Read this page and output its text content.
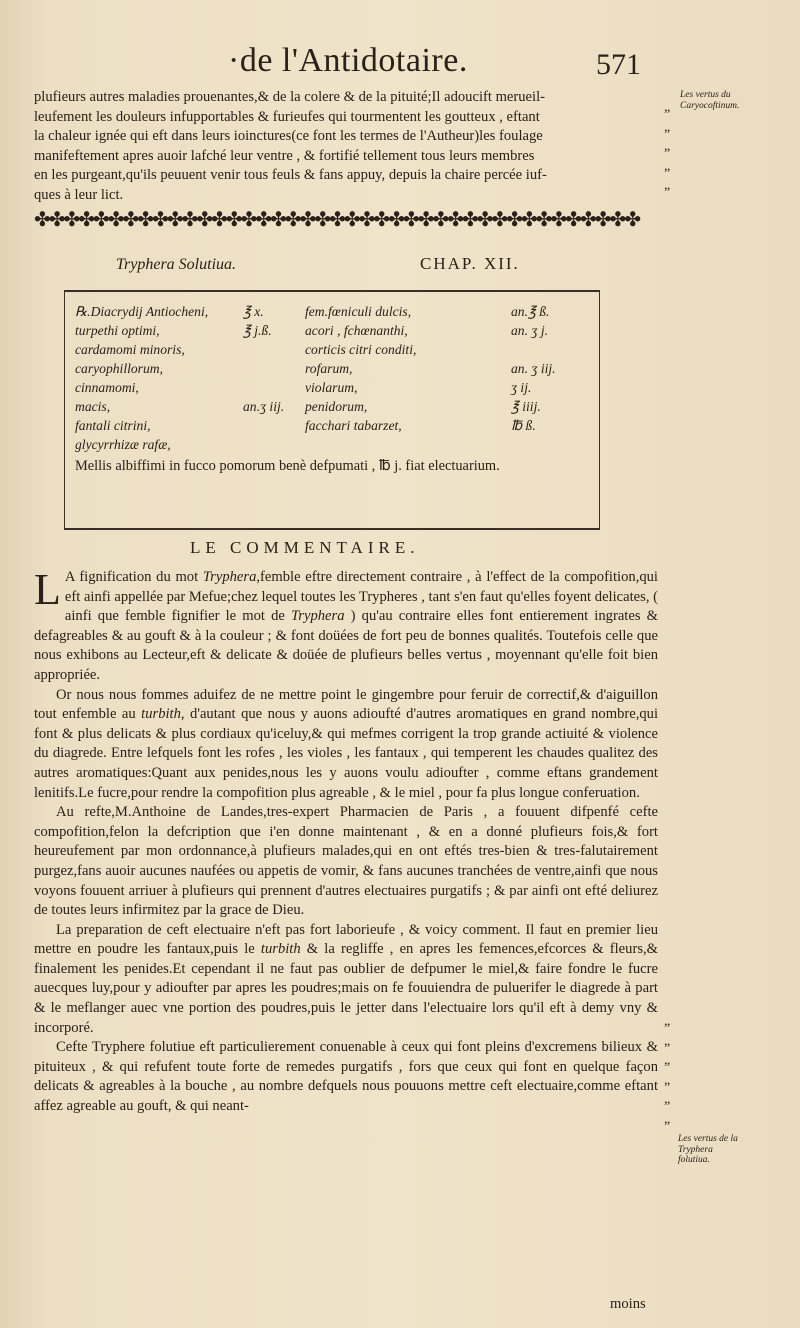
·de l'Antidotaire.	571
plufieurs autres maladies prouenantes,& de la colere & de la pituité;Il adoucift merueil-
leufement les douleurs infupportables & furieufes qui tourmentent les goutteux , eftant
la chaleur ignée qui eft dans leurs ioinctures(ce font les termes de l'Autheur)les foulage
manifeftement apres auoir lafché leur ventre , & fortifié tellement tous leurs membres
en les purgeant,qu'ils peuuent venir tous feuls & fans appuy, depuis la chaire percée iuf-
ques à leur lict.
Les vertus du Caryocoftinum.
„
„
„
„
„
✤✤✤✤✤✤✤✤✤✤✤✤✤✤✤✤✤✤✤✤✤✤✤✤✤✤✤✤✤✤✤✤✤✤✤✤✤✤✤✤✤
Tryphera Solutiua.	CHAP. XII.
℞.Diacrydij Antiocheni,	℥ x.	fem.fœniculi dulcis,	an.℥ ß.
turpethi optimi,	℥ j.ß. acori , fchœnanthi,	an. ʒ j.
cardamomi minoris,	corticis citri conditi,
caryophillorum,	rofarum,	an. ʒ iij.
cinnamomi,	violarum,	ʒ ij.
macis,	an.ʒ iij. penidorum,	℥ iiij.
fantali citrini,	facchari tabarzet,	℔ ß.
glycyrrhizæ rafæ,
Mellis albiffimi in fucco pomorum benè defpumati , ℔ j. fiat electuarium.
LE COMMENTAIRE.

L A fignification du mot Tryphera,femble eftre directement contraire , à l'effect de la compofition,qui eft ainfi appellée par Mefue;chez lequel toutes les Trypheres , tant s'en faut qu'elles foyent delicates, ( ainfi que femble fignifier le mot de Tryphera ) qu'au contraire elles font entierement ingrates & defagreables & au gouft & à la couleur ; & font doüées de fort peu de bonnes qualités. Toutefois celle que nous exhibons au Lecteur,eft & delicate & doüée de plufieurs belles vertus , moyennant qu'elle foit bien appropriée.

Or nous nous fommes aduifez de ne mettre point le gingembre pour feruir de correctif,& d'aiguillon tout enfemble au turbith, d'autant que nous y auons adioufté d'autres aromatiques en grand nombre,qui font & plus delicats & plus cordiaux qu'iceluy,& qui mefmes corrigent la trop grande actiuité & violence du diagrede. Entre lefquels font les rofes , les violes , les fantaux , qui temperent les chaudes qualitez des autres aromatiques:Quant aux penides,nous les y auons voulu adioufter , comme eftans grandement lenitifs.Le fucre,pour rendre la compofition plus agreable , & le miel , pour fa plus longue conferuation.

Au refte,M.Anthoine de Landes,tres-expert Pharmacien de Paris , a fouuent difpenfé cefte compofition,felon la defcription que i'en donne maintenant , & en a donné plufieurs fois,& fort heureufement par mon ordonnance,à plufieurs malades,qui en ont eftés tres-bien & tres-falutairement purgez,fans auoir aucunes naufées ou appetis de vomir, & fans aucunes tranchées de ventre,ainfi que nous voyons fouuent arriuer à plufieurs qui prennent d'autres electuaires purgatifs ; & par ainfi ont efté deliurez de toutes leurs infirmitez par la grace de Dieu.

La preparation de ceft electuaire n'eft pas fort laborieufe , & voicy comment. Il faut en premier lieu mettre en poudre les fantaux,puis le turbith & la regliffe , en apres les femences,efcorces & fleurs,& finalement les penides.Et cependant il ne faut pas oublier de defpumer le miel,& faire fondre le fucre auecques luy,pour y adioufter par apres les poudres;mais on fe fouuiendra de puluerifer le diagrede à part & le meflanger auec vne portion des poudres,puis le jetter dans l'electuaire lors qu'il eft à demy vny & incorporé.

Cefte Tryphere folutiue eft particulierement conuenable à ceux qui font pleins d'excremens bilieux & pituiteux , & qui refufent toute forte de remedes purgatifs , fors que ceux qui font en quelque façon delicats & agreables à la bouche , au nombre defquels nous pouuons mettre ceft electuaire,comme eftant affez agreable au gouft, & qui neant-

„
„
„
„
„
„
Les vertus de la Tryphera folutiua.
moins
